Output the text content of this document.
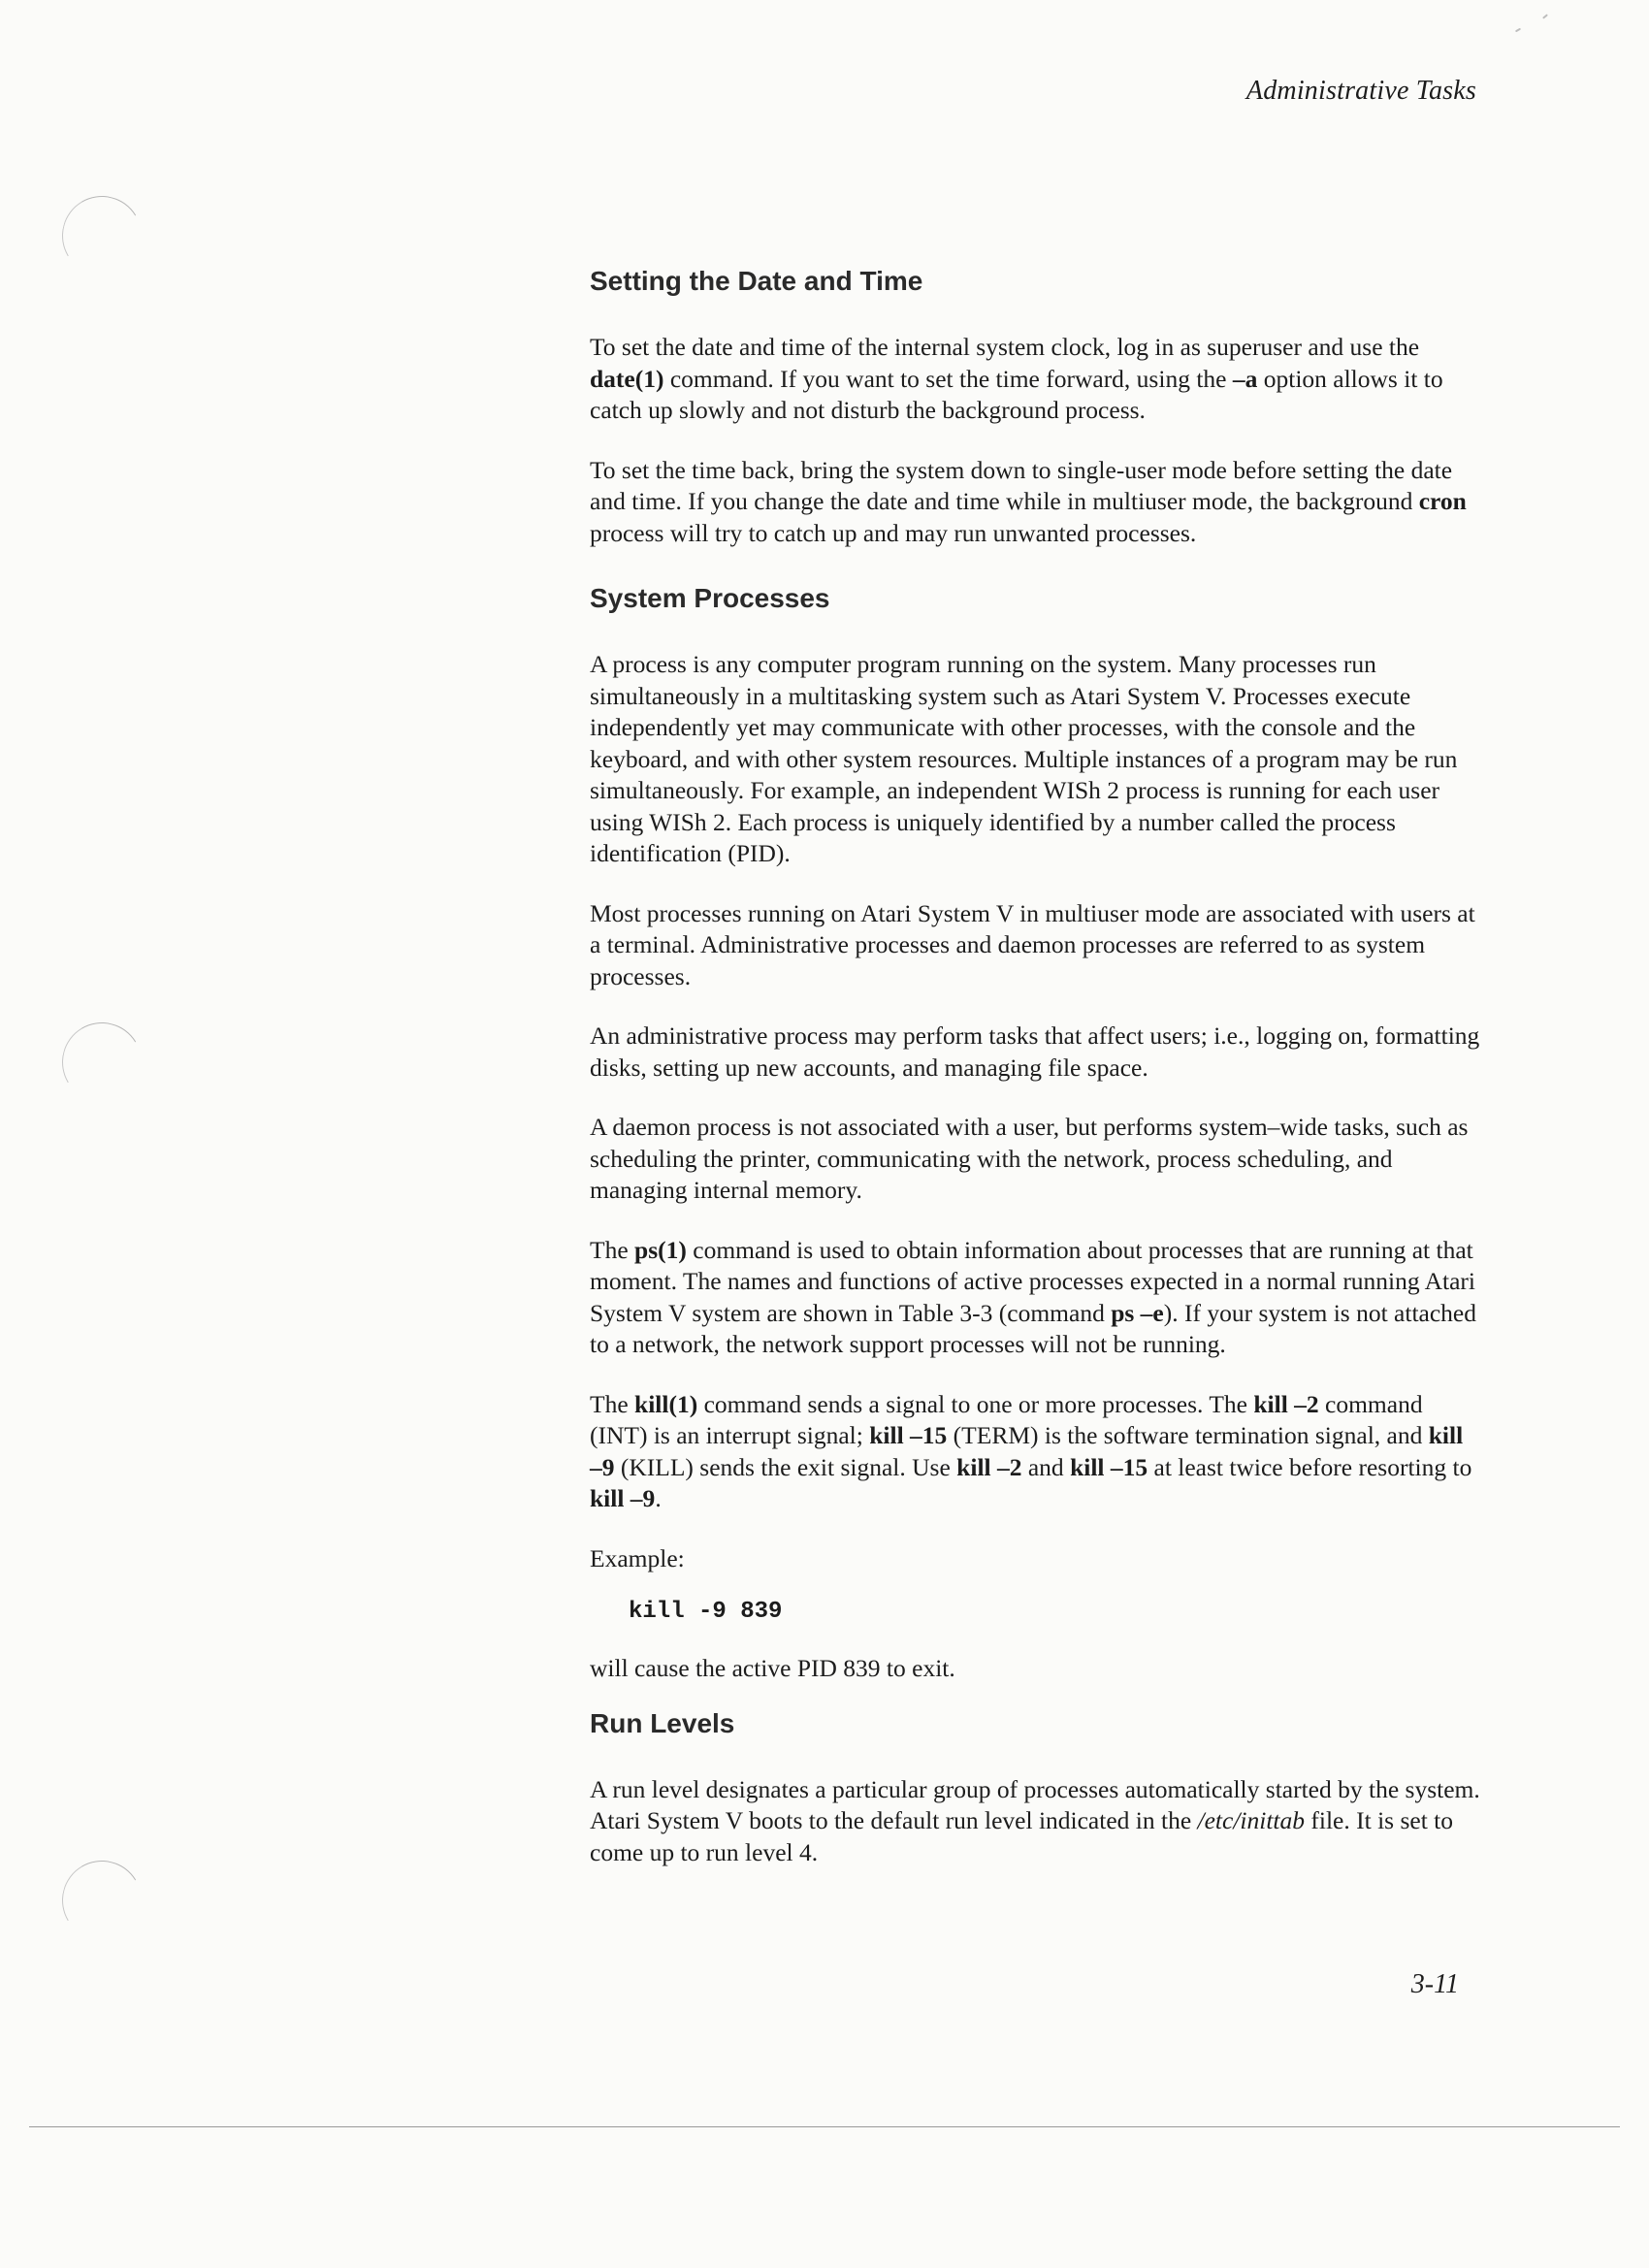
Administrative Tasks
Setting the Date and Time

To set the date and time of the internal system clock, log in as superuser and use the date(1) command. If you want to set the time forward, using the –a option allows it to catch up slowly and not disturb the background process.

To set the time back, bring the system down to single-user mode before setting the date and time. If you change the date and time while in multiuser mode, the background cron process will try to catch up and may run unwanted processes.

System Processes

A process is any computer program running on the system. Many processes run simultaneously in a multitasking system such as Atari System V. Processes execute independently yet may communicate with other processes, with the console and the keyboard, and with other system resources. Multiple instances of a program may be run simultaneously. For example, an independent WISh 2 process is running for each user using WISh 2. Each process is uniquely identified by a number called the process identification (PID).

Most processes running on Atari System V in multiuser mode are associated with users at a terminal. Administrative processes and daemon processes are referred to as system processes.

An administrative process may perform tasks that affect users; i.e., logging on, formatting disks, setting up new accounts, and managing file space.

A daemon process is not associated with a user, but performs system–wide tasks, such as scheduling the printer, communicating with the network, process scheduling, and managing internal memory.

The ps(1) command is used to obtain information about processes that are running at that moment. The names and functions of active processes expected in a normal running Atari System V system are shown in Table 3-3 (command ps –e). If your system is not attached to a network, the network support processes will not be running.

The kill(1) command sends a signal to one or more processes. The kill –2 command (INT) is an interrupt signal; kill –15 (TERM) is the software termination signal, and kill –9 (KILL) sends the exit signal. Use kill –2 and kill –15 at least twice before resorting to kill –9.

Example:

kill -9 839

will cause the active PID 839 to exit.

Run Levels

A run level designates a particular group of processes automatically started by the system. Atari System V boots to the default run level indicated in the /etc/inittab file. It is set to come up to run level 4.

3-11
